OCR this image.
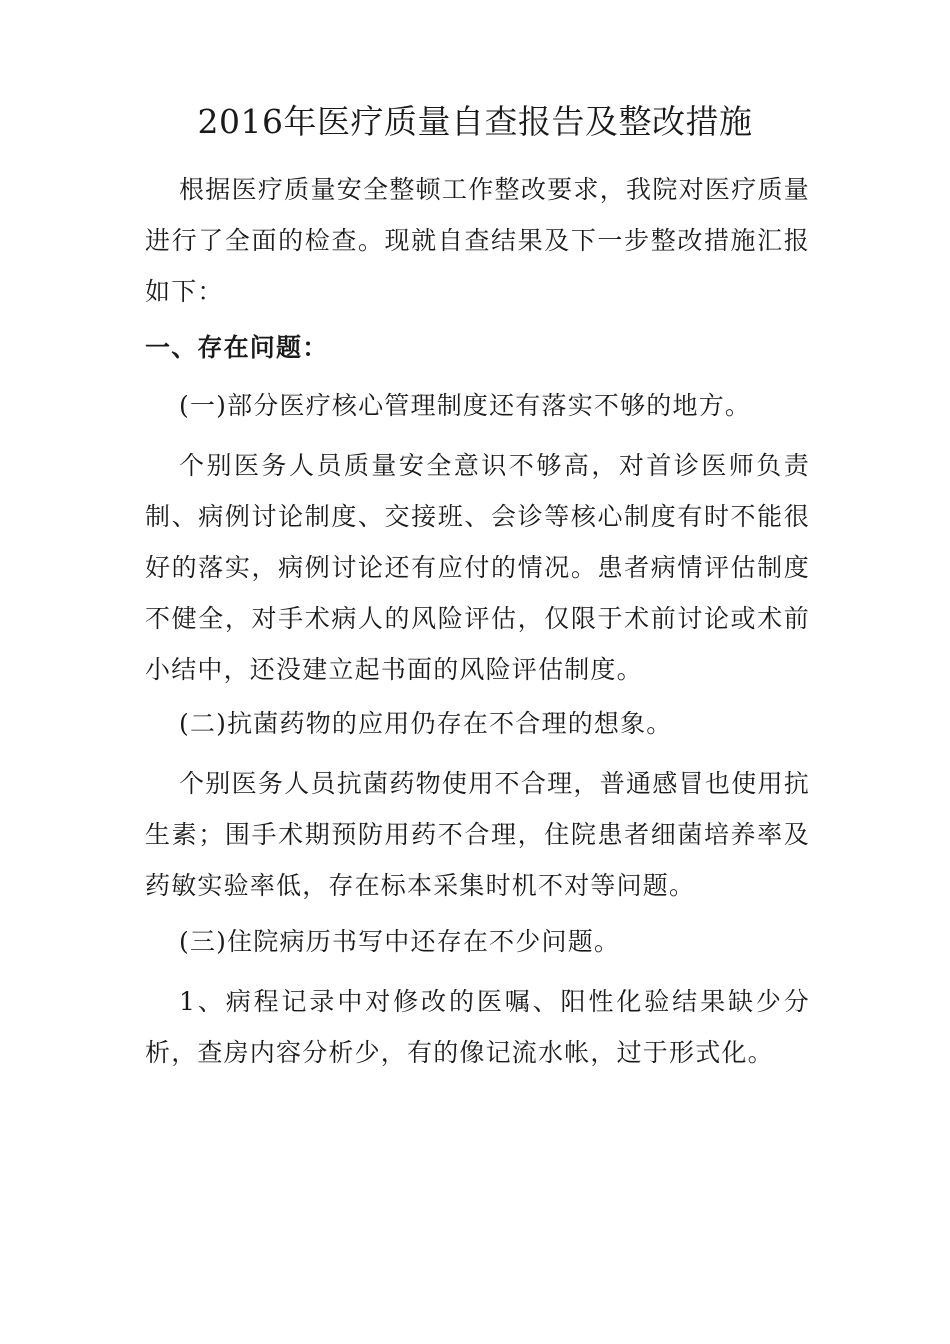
2016年医疗质量自查报告及整改措施

根据医疗质量安全整顿工作整改要求，我院对医疗质量进行了全面的检查。现就自查结果及下一步整改措施汇报如下：

一、存在问题：

(一)部分医疗核心管理制度还有落实不够的地方。

个别医务人员质量安全意识不够高，对首诊医师负责制、病例讨论制度、交接班、会诊等核心制度有时不能很好的落实，病例讨论还有应付的情况。患者病情评估制度不健全，对手术病人的风险评估，仅限于术前讨论或术前小结中，还没建立起书面的风险评估制度。

(二)抗菌药物的应用仍存在不合理的想象。

个别医务人员抗菌药物使用不合理，普通感冒也使用抗生素；围手术期预防用药不合理，住院患者细菌培养率及药敏实验率低，存在标本采集时机不对等问题。

(三)住院病历书写中还存在不少问题。

1、病程记录中对修改的医嘱、阳性化验结果缺少分析，查房内容分析少，有的像记流水帐，过于形式化。
